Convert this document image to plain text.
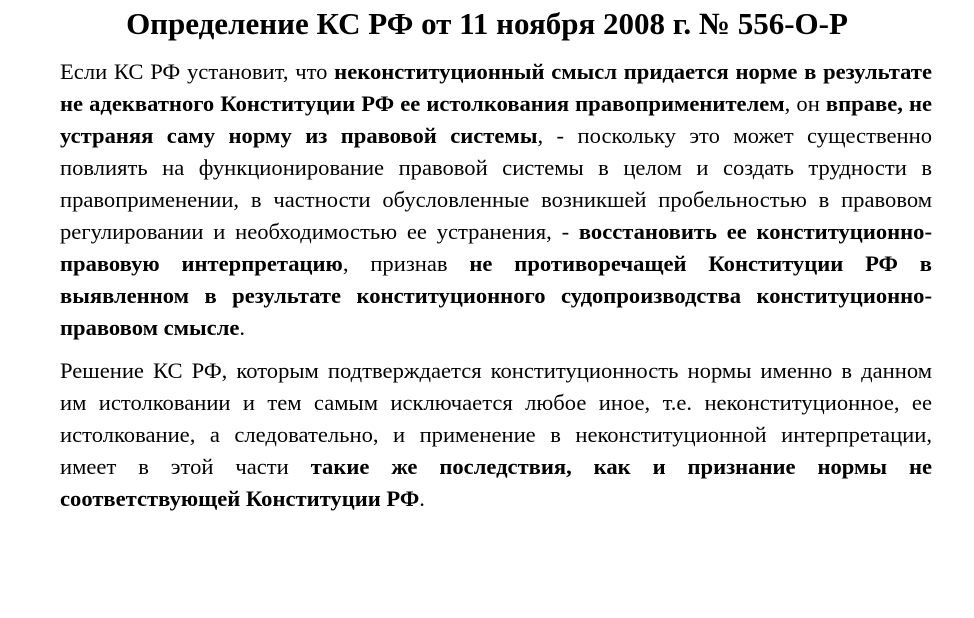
Определение КС РФ от 11 ноября 2008 г. № 556-О-Р

Если КС РФ установит, что неконституционный смысл придается норме в результате не адекватного Конституции РФ ее истолкования правоприменителем, он вправе, не устраняя саму норму из правовой системы, - поскольку это может существенно повлиять на функционирование правовой системы в целом и создать трудности в правоприменении, в частности обусловленные возникшей пробельностью в правовом регулировании и необходимостью ее устранения, - восстановить ее конституционно-правовую интерпретацию, признав не противоречащей Конституции РФ в выявленном в результате конституционного судопроизводства конституционно-правовом смысле.

Решение КС РФ, которым подтверждается конституционность нормы именно в данном им истолковании и тем самым исключается любое иное, т.е. неконституционное, ее истолкование, а следовательно, и применение в неконституционной интерпретации, имеет в этой части такие же последствия, как и признание нормы не соответствующей Конституции РФ.
